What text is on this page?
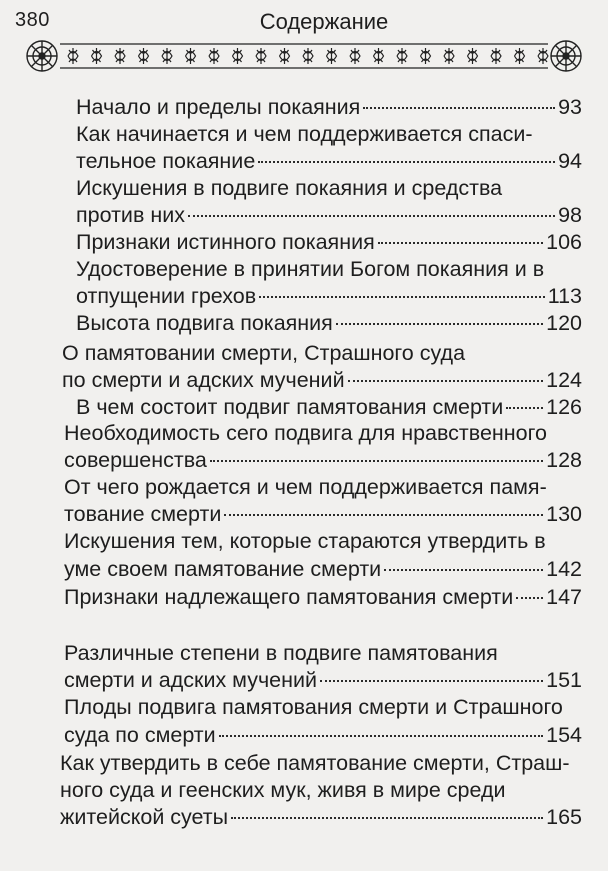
380	Содержание
Начало и пределы покаяния	93
Как начинается и чем поддерживается спаси-
тельное покаяние	94
Искушения в подвиге покаяния и средства
против них	98
Признаки истинного покаяния	106
Удостоверение в принятии Богом покаяния и в
отпущении грехов	113
Высота подвига покаяния	120
О памятовании смерти, Страшного суда
по смерти и адских мучений	124
В чем состоит подвиг памятования смерти 126
Необходимость сего подвига для нравственного
совершенства	128
От чего рождается и чем поддерживается памя-
тование смерти	130
Искушения тем, которые стараются утвердить в
уме своем памятование смерти	142
Признаки надлежащего памятования смерти 147
Различные степени в подвиге памятования
смерти и адских мучений	151
Плоды подвига памятования смерти и Страшного
суда по смерти	154
Как утвердить в себе памятование смерти, Страш-
ного суда и геенских мук, живя в мире среди
житейской суеты	165
